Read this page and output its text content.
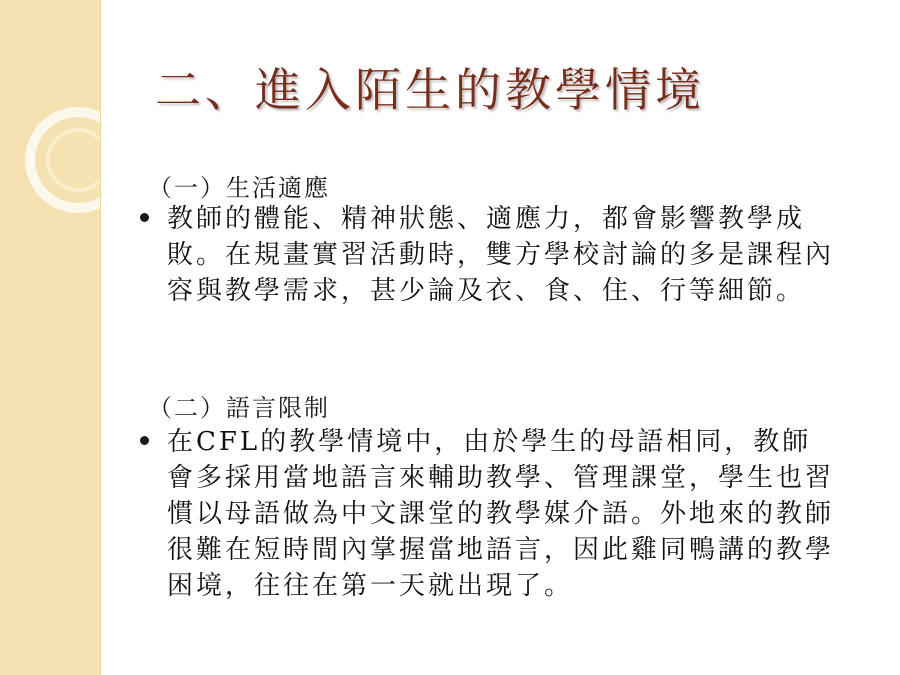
二、進入陌生的教學情境
（一）生活適應
教師的體能、精神狀態、適應力，都會影響教學成敗。在規畫實習活動時，雙方學校討論的多是課程內容與教學需求，甚少論及衣、食、住、行等細節。
（二）語言限制
在CFL的教學情境中，由於學生的母語相同，教師會多採用當地語言來輔助教學、管理課堂，學生也習慣以母語做為中文課堂的教學媒介語。外地來的教師很難在短時間內掌握當地語言，因此雞同鴨講的教學困境，往往在第一天就出現了。
